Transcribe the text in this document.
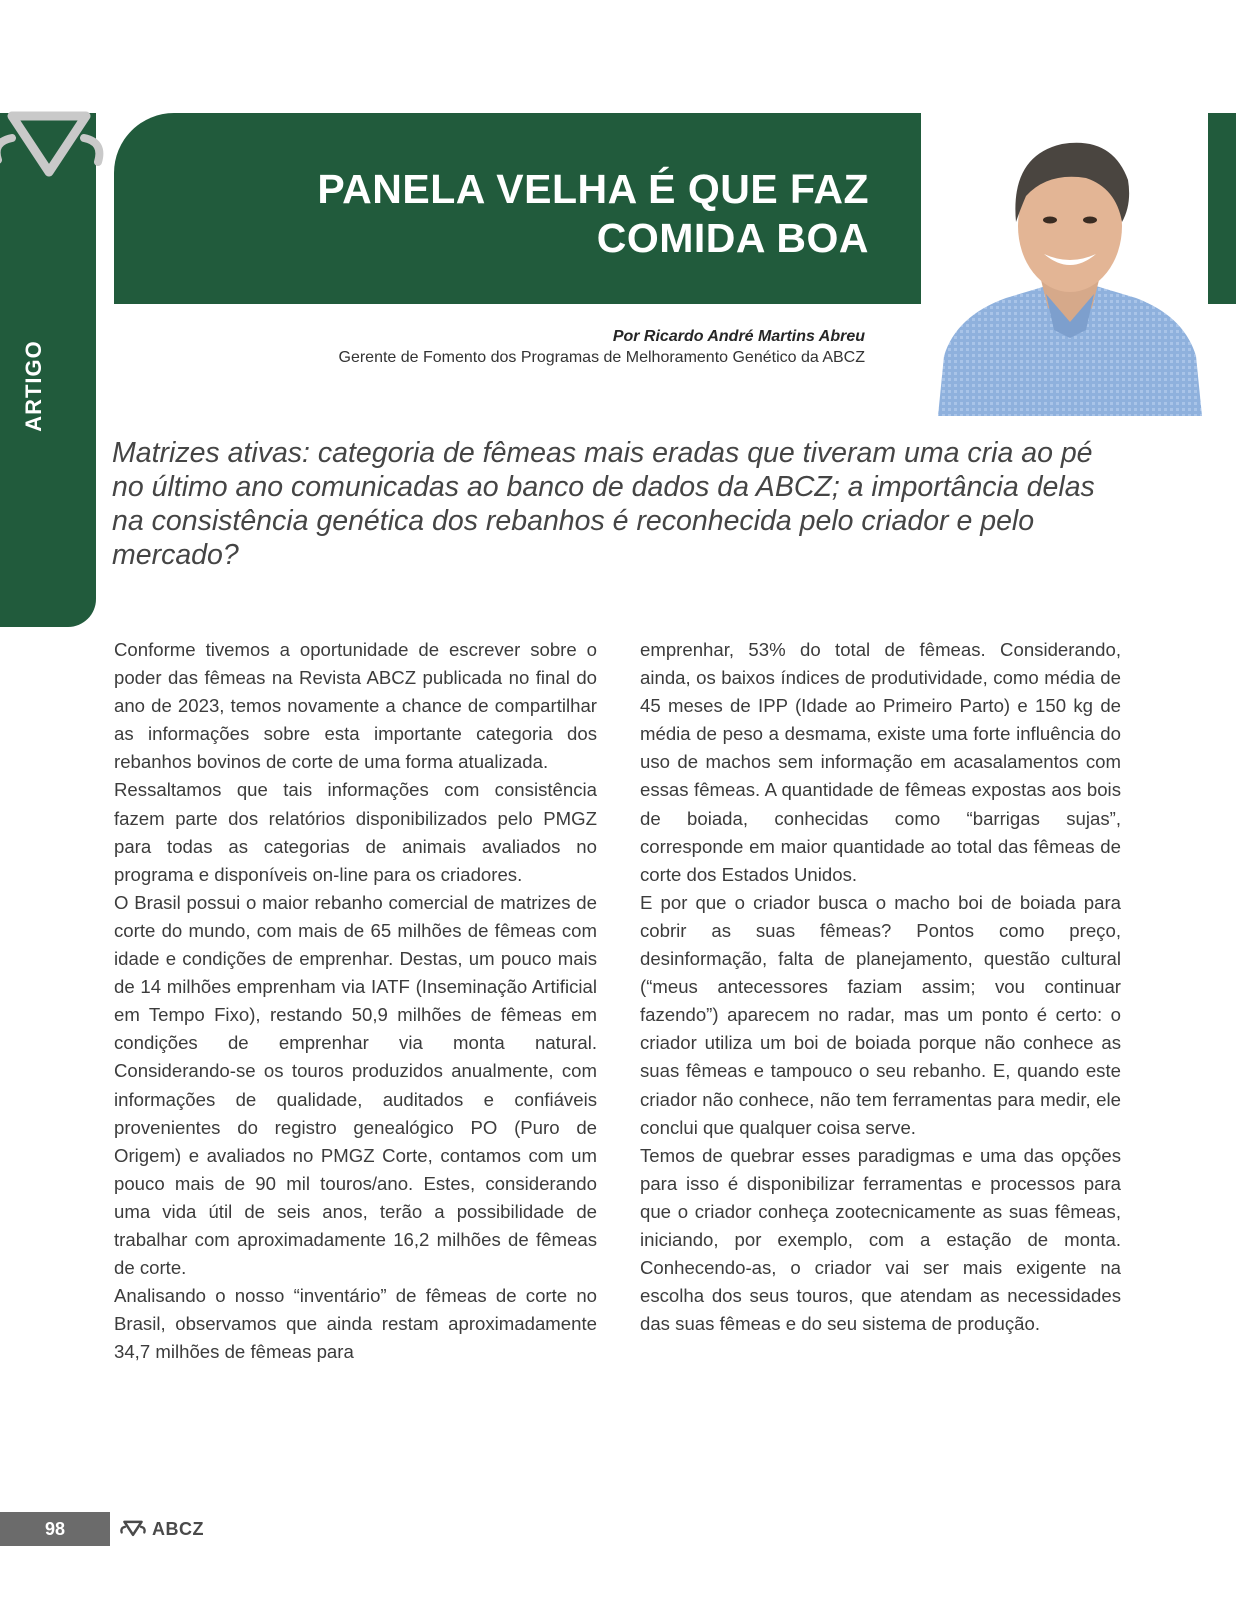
ARTIGO
PANELA VELHA É QUE FAZ
COMIDA BOA
Por Ricardo André Martins Abreu
Gerente de Fomento dos Programas de Melhoramento Genético da ABCZ
Matrizes ativas: categoria de fêmeas mais eradas que tiveram uma cria ao pé no último ano comunicadas ao banco de dados da ABCZ; a importância delas na consistência genética dos rebanhos é reconhecida pelo criador e pelo mercado?

Conforme tivemos a oportunidade de escrever sobre o poder das fêmeas na Revista ABCZ publicada no final do ano de 2023, temos novamente a chance de compartilhar as informações sobre esta importante categoria dos rebanhos bovinos de corte de uma forma atualizada.

Ressaltamos que tais informações com consistência fazem parte dos relatórios disponibilizados pelo PMGZ para todas as categorias de animais avaliados no programa e disponíveis on-line para os criadores.

O Brasil possui o maior rebanho comercial de matrizes de corte do mundo, com mais de 65 milhões de fêmeas com idade e condições de emprenhar. Destas, um pouco mais de 14 milhões emprenham via IATF (Inseminação Artificial em Tempo Fixo), restando 50,9 milhões de fêmeas em condições de emprenhar via monta natural. Considerando-se os touros produzidos anualmente, com informações de qualidade, auditados e confiáveis provenientes do registro genealógico PO (Puro de Origem) e avaliados no PMGZ Corte, contamos com um pouco mais de 90 mil touros/ano. Estes, considerando uma vida útil de seis anos, terão a possibilidade de trabalhar com aproximadamente 16,2 milhões de fêmeas de corte.

Analisando o nosso “inventário” de fêmeas de corte no Brasil, observamos que ainda restam aproximadamente 34,7 milhões de fêmeas para

emprenhar, 53% do total de fêmeas. Considerando, ainda, os baixos índices de produtividade, como média de 45 meses de IPP (Idade ao Primeiro Parto) e 150 kg de média de peso a desmama, existe uma forte influência do uso de machos sem informação em acasalamentos com essas fêmeas. A quantidade de fêmeas expostas aos bois de boiada, conhecidas como “barrigas sujas”, corresponde em maior quantidade ao total das fêmeas de corte dos Estados Unidos.

E por que o criador busca o macho boi de boiada para cobrir as suas fêmeas? Pontos como preço, desinformação, falta de planejamento, questão cultural (“meus antecessores faziam assim; vou continuar fazendo”) aparecem no radar, mas um ponto é certo: o criador utiliza um boi de boiada porque não conhece as suas fêmeas e tampouco o seu rebanho. E, quando este criador não conhece, não tem ferramentas para medir, ele conclui que qualquer coisa serve.

Temos de quebrar esses paradigmas e uma das opções para isso é disponibilizar ferramentas e processos para que o criador conheça zootecnicamente as suas fêmeas, iniciando, por exemplo, com a estação de monta. Conhecendo-as, o criador vai ser mais exigente na escolha dos seus touros, que atendam as necessidades das suas fêmeas e do seu sistema de produção.

98	ABCZ
